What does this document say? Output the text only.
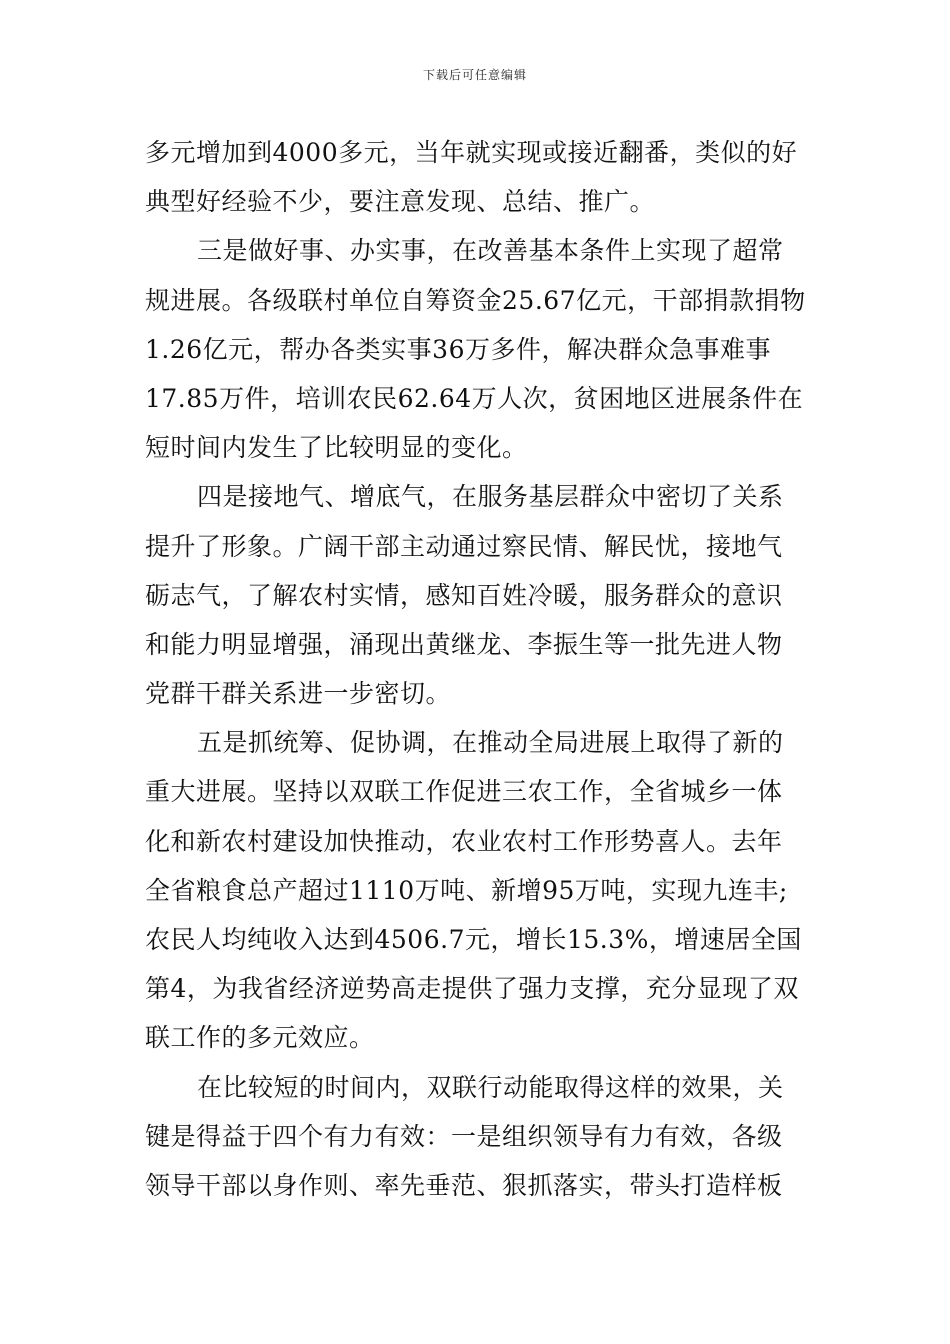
下载后可任意编辑
多元增加到4000多元，当年就实现或接近翻番，类似的好
典型好经验不少，要注意发现、总结、推广。
三是做好事、办实事，在改善基本条件上实现了超常
规进展。各级联村单位自筹资金25.67亿元，干部捐款捐物
1.26亿元，帮办各类实事36万多件，解决群众急事难事
17.85万件，培训农民62.64万人次，贫困地区进展条件在
短时间内发生了比较明显的变化。
四是接地气、增底气，在服务基层群众中密切了关系
提升了形象。广阔干部主动通过察民情、解民忧，接地气
砺志气，了解农村实情，感知百姓冷暖，服务群众的意识
和能力明显增强，涌现出黄继龙、李振生等一批先进人物
党群干群关系进一步密切。
五是抓统筹、促协调，在推动全局进展上取得了新的
重大进展。坚持以双联工作促进三农工作，全省城乡一体
化和新农村建设加快推动，农业农村工作形势喜人。去年
全省粮食总产超过1110万吨、新增95万吨，实现九连丰;
农民人均纯收入达到4506.7元，增长15.3%，增速居全国
第4，为我省经济逆势高走提供了强力支撑，充分显现了双
联工作的多元效应。
在比较短的时间内，双联行动能取得这样的效果，关
键是得益于四个有力有效：一是组织领导有力有效，各级
领导干部以身作则、率先垂范、狠抓落实，带头打造样板
